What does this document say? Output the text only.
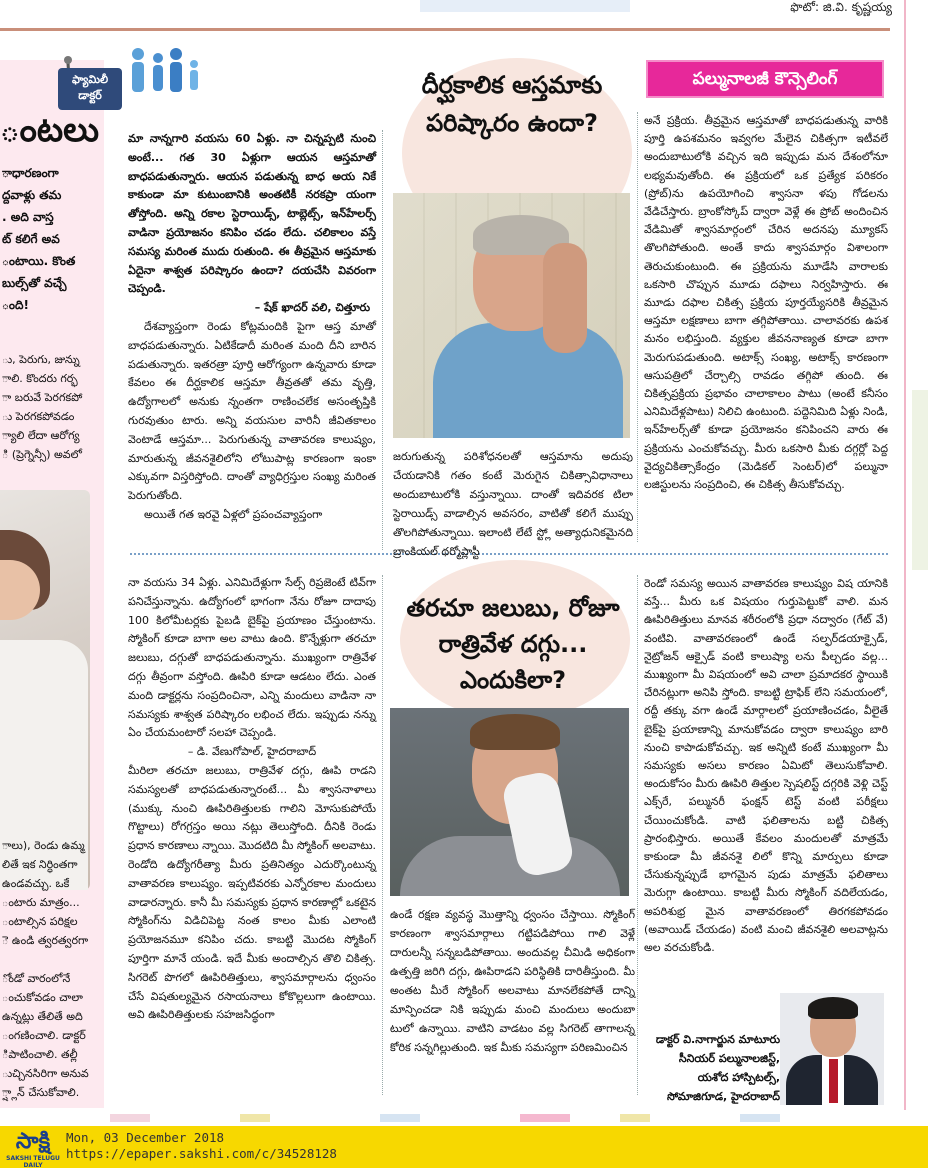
ఫొటో: జి.వి. కృష్ణయ్య
ంటలు
ాధారణంగా
ద్దవాళ్లు తమ
. అది వాస్త
ట్ కలిగే అవ
ంటాయి. కొంత
బుల్స్‌తో వచ్చే
ంది!
ు, పెరుగు, జున్ను
ాలి. కొందరు గర్భ
ా బరువే పెరగకపో
ు పెరగకపోవడం
్యాలి లేదా ఆరోగ్య
ి (ప్రెగ్నెన్సీ) అవలో
ాలు), రెండు ఉమ్మ
లితే ఇక నిర్ధింతగా
ఉండవచ్చు. ఒకే
ంటారు మాత్రం...
ంటాల్సిన పరిక్షల
ె ఉండి త్వరత్వరగా
ోండో వారంలోనే
ంచుకోవడం చాలా
ఉన్నట్లు తేలితే అది
ంగణించాలి. డాక్టర్
ిపాటించాలి. తల్లీ
ుచ్చినసిరిగా అనువ
్ష్లాన్ చేసుకోవాలి.
ఫ్యామిలీ
డాక్టర్

మా నాన్నగారి వయసు 60 ఏళ్లు. నా చిన్నప్పటి నుంచి అంటే... గత 30 ఏళ్లుగా ఆయన ఆస్తమాతో బాధపడుతున్నారు. ఆయన పడుతున్న బాధ అయ నికే కాకుండా మా కుటుంబానికి అంతటికీ నరకప్రా యంగా తోస్తోంది. అన్ని రకాల స్టెరాయిడ్స్, టాబ్లెట్స్, ఇన్‌హేలర్స్ వాడినా ప్రయోజనం కనిపిం చడం లేదు. చలికాలం వస్తే సమస్య మరింత ముదు రుతుంది. ఈ తీవ్రమైన ఆస్తమాకు ఏదైనా శాశ్వత పరిష్కారం ఉందా? దయచేసి వివరంగా చెప్పండి.

– షేక్ ఖాదర్ వలి, చిత్తూరు

దేశవ్యాప్తంగా రెండు కోట్లమందికి పైగా ఆస్త మాతో బాధపడుతున్నారు. ఏటికేడాదీ మరింత మంది దీని బారిన పడుతున్నారు. ఇతరత్రా పూర్తి ఆరోగ్యంగా ఉన్నవారు కూడా కేవలం ఈ దీర్ఘకాలిక ఆస్తమా తీవ్రతతో తమ వృత్తి, ఉద్యోగాలలో అనుకు న్నంతగా రాణించలేక అసంతృప్తికి గురవుతుం టారు. అన్ని వయసుల వారినీ జీవితకాలం వెంటాడే ఆస్తమా... పెరుగుతున్న వాతావరణ కాలుష్యం, మారుతున్న జీవనశైలిలోని లోటుపాట్ల కారణంగా ఇంకా ఎక్కువగా విస్తరిస్తోంది. దాంతో వ్యాధిగ్రస్తుల సంఖ్య మరింత పెరుగుతోంది.

అయితే గత ఇరవై ఏళ్లలో ప్రపంచవ్యాప్తంగా

నా వయసు 34 ఏళ్లు. ఎనిమిదేళ్లుగా సేల్స్ రిప్రజెంటే టివ్‌గా పనిచేస్తున్నాను. ఉద్యోగంలో భాగంగా నేను రోజూ దాదాపు 100 కిలోమీటర్లకు పైబడి బైక్‌పై ప్రయాణం చేస్తుంటాను. స్మోకింగ్ కూడా బాగా అల వాటు ఉంది. కొన్నేళ్లుగా తరచూ జలుబు, దగ్గుతో బాధపడుతున్నాను. ముఖ్యంగా రాత్రివేళ దగ్గు తీవ్రంగా వస్తోంది. ఊపిరి కూడా ఆడటం లేదు. ఎంత మంది డాక్టర్లను సంప్రదించినా, ఎన్ని మందులు వాడినా నా సమస్యకు శాశ్వత పరిష్కారం లభించ లేదు. ఇప్పుడు నన్ను ఏం చేయమంటారో సలహా చెప్పండి.

– డి. వేణుగోపాల్, హైదరాబాద్

మీరిలా తరచూ జలుబు, రాత్రివేళ దగ్గు, ఊపి రాడని సమస్యలతో బాధపడుతున్నారంటే... మీ శ్వాసనాళాలు (ముక్కు నుంచి ఊపిరితిత్తులకు గాలిని మోసుకుపోయే గొట్టాలు) రోగగ్రస్తం అయి నట్లు తెలుస్తోంది. దీనికి రెండు ప్రధాన కారణాలు న్నాయి. మొదటిది మీ స్మోకింగ్ అలవాటు. రెండోది ఉద్యోగరీత్యా మీరు ప్రతినిత్యం ఎదుర్కొంటున్న వాతావరణ కాలుష్యం. ఇప్పటివరకు ఎన్నోరకాల మందులు వాడారన్నారు. కానీ మీ సమస్యకు ప్రధాన కారణాల్లో ఒకటైన స్మోకింగ్‌ను విడిచిపెట్ట నంత కాలం మీకు ఎలాంటి ప్రయోజనమూ కనిపిం చదు. కాబట్టి మొదట స్మోకింగ్ పూర్తిగా మానే యండి. ఇదే మీకు అందాల్సిన తొలి చికిత్స. సిగరెట్ పొగలో ఊపిరితిత్తులు, శ్వాసమార్గాలను ధ్వంసం చేసే విషతుల్యమైన రసాయనాలు కోకొల్లలుగా ఉంటాయి. అవి ఊపిరితిత్తులకు సహజసిద్ధంగా

దీర్ఘకాలిక ఆస్తమాకు పరిష్కారం ఉందా?
జరుగుతున్న పరిశోధనలతో ఆస్తమాను అదుపు చేయడానికి గతం కంటే మెరుగైన చికిత్సావిధానాలు అందుబాటులోకి వస్తున్నాయి. దాంతో ఇదివరక టిలా స్టెరాయిడ్స్ వాడాల్సిన అవసరం, వాటితో కలిగే ముప్పు తొలగిపోతున్నాయి. ఇలాంటి లేటే స్ట్లో అత్యాధునికమైనది బ్రాంకియల్ థర్మోప్లాస్టీ
తరచూ జలుబు, రోజూ రాత్రివేళ దగ్గు... ఎందుకిలా?
ఉండే రక్షణ వ్యవస్థ మొత్తాన్ని ధ్వంసం చేస్తాయి. స్మోకింగ్ కారణంగా శ్వాసమార్గాలు గట్టిపడిపోయి గాలి వెళ్లే దారులన్నీ సన్నబడిపోతాయి. అందువల్ల చీమిడి అధికంగా ఉత్పత్తి జరిగి దగ్గు, ఊపిరాడని పరిస్థితికి దారితీస్తుంది. మీ అంతట మీరే స్మోకింగ్ అలవాటు మానలేకపోతే దాన్ని మాన్పించడా నికి ఇప్పుడు మంచి మందులు అందుబా టులో ఉన్నాయి. వాటిని వాడటం వల్ల సిగరెట్ తాగాలన్న కోరిక సన్నగిల్లుతుంది. ఇక మీకు సమస్యగా పరిణమించిన
పల్మునాలజీ కౌన్సెలింగ్
అనే ప్రక్రియ. తీవ్రమైన ఆస్తమాతో బాధపడుతున్న వారికి పూర్తి ఉపశమనం ఇవ్వగల మేలైన చికిత్సగా ఇటీవలే అందుబాటులోకి వచ్చిన ఇది ఇప్పుడు మన దేశంలోనూ లభ్యమవుతోంది. ఈ ప్రక్రియలో ఒక ప్రత్యేక పరికరం (ప్రోబ్)ను ఉపయోగించి శ్వాసనా ళపు గోడలను వేడిచేస్తారు. బ్రాంకోస్కోప్ ద్వారా వెళ్లే ఈ ప్రోబ్ అందించిన వేడిమితో శ్వాసమార్గంలో చేరిన అదనపు మ్యూకస్ తొలగిపోతుంది. అంతే కాదు శ్వాసమార్గం విశాలంగా తెరుచుకుంటుంది. ఈ ప్రక్రియను మూడేసి వారాలకు ఒకసారి చొప్పున మూడు దఫాలు నిర్వహిస్తారు. ఈ మూడు దఫాల చికిత్స ప్రక్రియ పూర్తయ్యేసరికి తీవ్రమైన ఆస్తమా లక్షణాలు బాగా తగ్గిపోతాయి. చాలావరకు ఉపశ మనం లభిస్తుంది. వ్యక్తుల జీవననాణ్యత కూడా బాగా మెరుగుపడుతుంది. అటాక్స్ సంఖ్య, అటాక్స్ కారణంగా ఆసుపత్రిలో చేర్చాల్సి రావడం తగ్గిపో తుంది. ఈ చికిత్సప్రక్రియ ప్రభావం చాలాకాలం పాటు (అంటే కనీసం ఎనిమిదేళ్లపాటు) నిలిచి ఉంటుంది. పద్దెనిమిది ఏళ్లు నిండి, ఇన్‌హేలర్స్‌తో కూడా ప్రయోజనం కనిపించని వారు ఈ ప్రక్రియను ఎంచుకోవచ్చు. మీరు ఒకసారి మీకు దగ్గర్లో పెద్ద వైద్యచికిత్సాకేంద్రం (మెడికల్ సెంటర్)లో పల్మునా లజిస్టులను సంప్రదించి, ఈ చికిత్స తీసుకోవచ్చు.
రెండో సమస్య అయిన వాతావరణ కాలుష్యం విష యానికి వస్తే... మీరు ఒక విషయం గుర్తుపెట్టుకో వాలి. మన ఊపిరితిత్తులు మానవ శరీరంలోకి ప్రధా నద్వారం (గేట్ వే) వంటివి. వాతావరణంలో ఉండే సల్ఫర్‌డయాక్సైడ్, నైట్రోజన్ ఆక్సైడ్ వంటి కాలుష్యా లను పీల్చడం వల్ల... ముఖ్యంగా మీ విషయంలో అవి చాలా ప్రమాదకర స్థాయికి చేరినట్లుగా అనిపి స్తోంది. కాబట్టి ట్రాఫిక్ లేని సమయంలో, రద్దీ తక్కు వగా ఉండే మార్గాలలో ప్రయాణించడం, వీలైతే బైక్‌పై ప్రయాణాన్ని మానుకోవడం ద్వారా కాలుష్యం బారి నుంచి కాపాడుకోవచ్చు. ఇక అన్నిటి కంటే ముఖ్యంగా మీ సమస్యకు అసలు కారణం ఏమిటో తెలుసుకోవాలి. అందుకోసం మీరు ఊపిరి తిత్తుల స్పెషలిస్ట్ దగ్గరికి వెళ్లి చెస్ట్ ఎక్స్‌రే, పల్మునరీ ఫంక్షన్ టెస్ట్ వంటి పరీక్షలు చేయించుకోండి. వాటి ఫలితాలను బట్టి చికిత్స ప్రారంభిస్తారు. అయితే కేవలం మందులతో మాత్రమే కాకుండా మీ జీవనశై లిలో కొన్ని మార్పులు కూడా చేసుకున్నప్పుడే భాగమైన పుడు మాత్రమే ఫలితాలు మెరుగ్గా ఉంటాయి. కాబట్టి మీరు స్మోకింగ్ వదిలేయడం, అపరిశుభ్ర మైన వాతావరణంలో తిరగకపోవడం (అవాయిడ్ చేయడం) వంటి మంచి జీవనశైలి అలవాట్లను అల వరచుకోండి.
డాక్టర్ వి.నాగార్జున మాటూరు
సీనియర్ పల్మునాలజిస్ట్,
యశోద హాస్పిటల్స్,
సోమాజిగూడ, హైదరాబాద్
సాక్షి
SAKSHI TELUGU DAILY
Mon, 03 December 2018
https://epaper.sakshi.com/c/34528128
